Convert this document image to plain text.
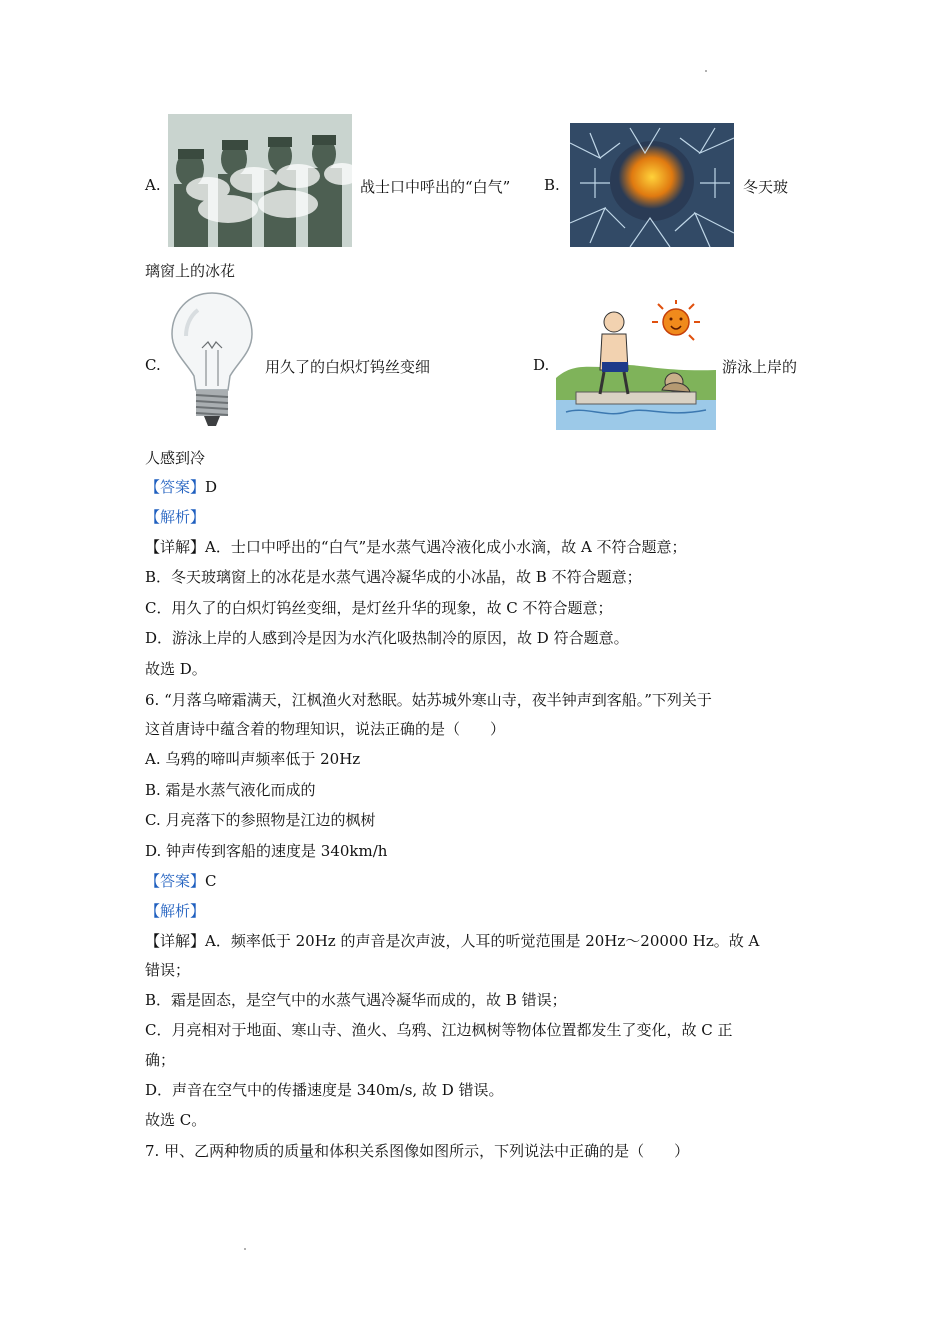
A.	战士口中呼出的“白气” B.	冬天玻
璃窗上的冰花
C.	用久了的白炽灯钨丝变细	D.	游泳上岸的
人感到冷
【答案】D
【解析】
【详解】A．士口中呼出的“白气”是水蒸气遇冷液化成小水滴，故 A 不符合题意；
B．冬天玻璃窗上的冰花是水蒸气遇冷凝华成的小冰晶，故 B 不符合题意；
C．用久了的白炽灯钨丝变细，是灯丝升华的现象，故 C 不符合题意；
D．游泳上岸的人感到冷是因为水汽化吸热制冷的原因，故 D 符合题意。
故选 D。
6. “月落乌啼霜满天，江枫渔火对愁眠。姑苏城外寒山寺，夜半钟声到客船。”下列关于
这首唐诗中蕴含着的物理知识，说法正确的是（　　）
A. 乌鸦的啼叫声频率低于 20Hz
B. 霜是水蒸气液化而成的
C. 月亮落下的参照物是江边的枫树
D. 钟声传到客船的速度是 340km/h
【答案】C
【解析】
【详解】A．频率低于 20Hz 的声音是次声波，人耳的听觉范围是 20Hz～20000 Hz。故 A
错误；
B．霜是固态，是空气中的水蒸气遇冷凝华而成的，故 B 错误；
C．月亮相对于地面、寒山寺、渔火、乌鸦、江边枫树等物体位置都发生了变化，故 C 正
确；
D．声音在空气中的传播速度是 340m/s, 故 D 错误。
故选 C。
7. 甲、乙两种物质的质量和体积关系图像如图所示，下列说法中正确的是（　　）
